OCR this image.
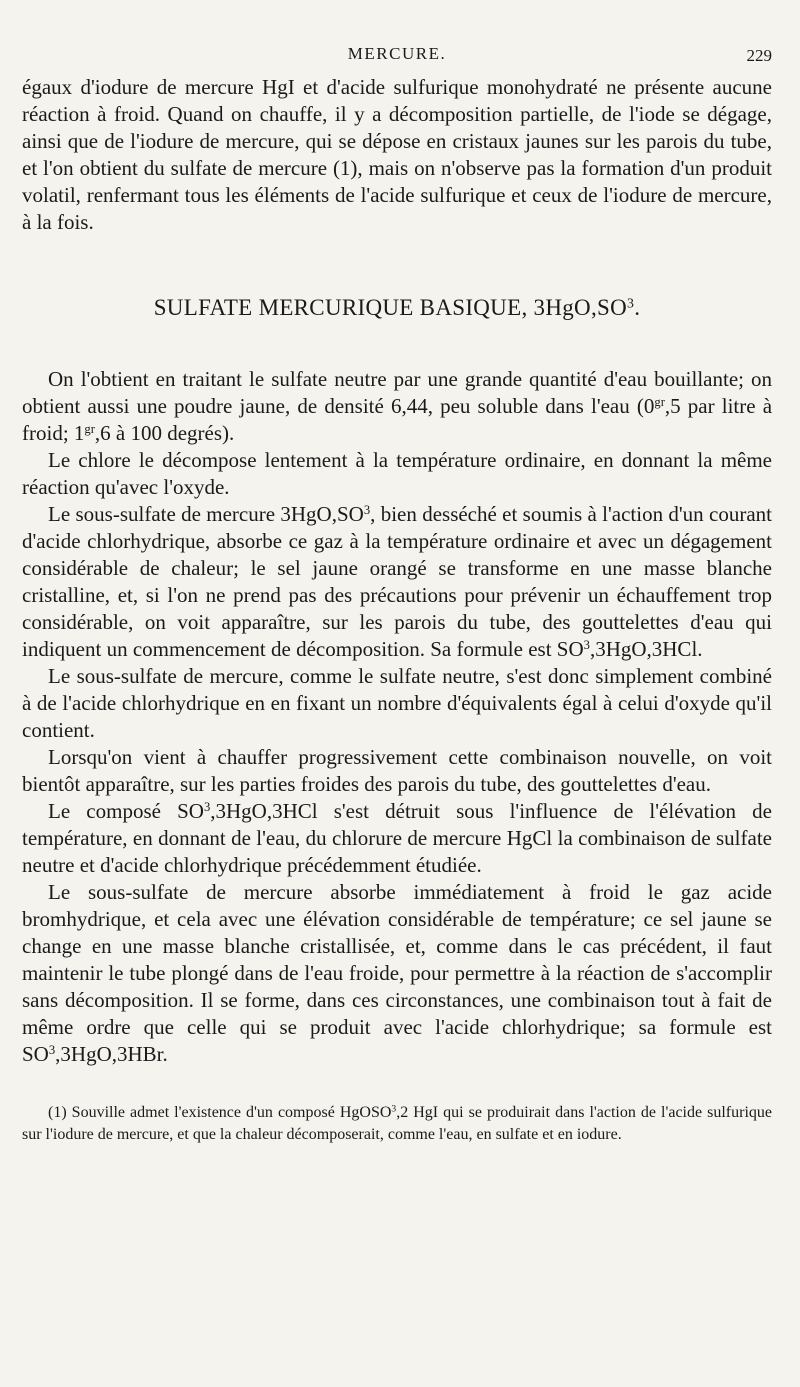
MERCURE.	229

égaux d'iodure de mercure HgI et d'acide sulfurique monohydraté ne présente aucune réaction à froid. Quand on chauffe, il y a décomposition partielle, de l'iode se dégage, ainsi que de l'iodure de mercure, qui se dépose en cristaux jaunes sur les parois du tube, et l'on obtient du sulfate de mercure (1), mais on n'observe pas la formation d'un produit volatil, renfermant tous les éléments de l'acide sulfurique et ceux de l'iodure de mercure, à la fois.

SULFATE MERCURIQUE BASIQUE, $3HgO,SO^3$.

On l'obtient en traitant le sulfate neutre par une grande quantité d'eau bouillante; on obtient aussi une poudre jaune, de densité 6,44, peu soluble dans l'eau ($0^{gr},5$ par litre à froid; $1^{gr},6$ à 100 degrés).

Le chlore le décompose lentement à la température ordinaire, en donnant la même réaction qu'avec l'oxyde.

Le sous-sulfate de mercure $3HgO,SO^3$, bien desséché et soumis à l'action d'un courant d'acide chlorhydrique, absorbe ce gaz à la température ordinaire et avec un dégagement considérable de chaleur; le sel jaune orangé se transforme en une masse blanche cristalline, et, si l'on ne prend pas des précautions pour prévenir un échauffement trop considérable, on voit apparaître, sur les parois du tube, des gouttelettes d'eau qui indiquent un commencement de décomposition. Sa formule est $SO^3,3HgO,3HCl$.

Le sous-sulfate de mercure, comme le sulfate neutre, s'est donc simplement combiné à de l'acide chlorhydrique en en fixant un nombre d'équivalents égal à celui d'oxyde qu'il contient.

Lorsqu'on vient à chauffer progressivement cette combinaison nouvelle, on voit bientôt apparaître, sur les parties froides des parois du tube, des gouttelettes d'eau.

Le composé $SO^3,3HgO,3HCl$ s'est détruit sous l'influence de l'élévation de température, en donnant de l'eau, du chlorure de mercure HgCl la combinaison de sulfate neutre et d'acide chlorhydrique précédemment étudiée.

Le sous-sulfate de mercure absorbe immédiatement à froid le gaz acide bromhydrique, et cela avec une élévation considérable de température; ce sel jaune se change en une masse blanche cristallisée, et, comme dans le cas précédent, il faut maintenir le tube plongé dans de l'eau froide, pour permettre à la réaction de s'accomplir sans décomposition. Il se forme, dans ces circonstances, une combinaison tout à fait de même ordre que celle qui se produit avec l'acide chlorhydrique; sa formule est $SO^3,3HgO,3HBr$.

(1) Souville admet l'existence d'un composé HgOSO$^3$,2 HgI qui se produirait dans l'action de l'acide sulfurique sur l'iodure de mercure, et que la chaleur décomposerait, comme l'eau, en sulfate et en iodure.
